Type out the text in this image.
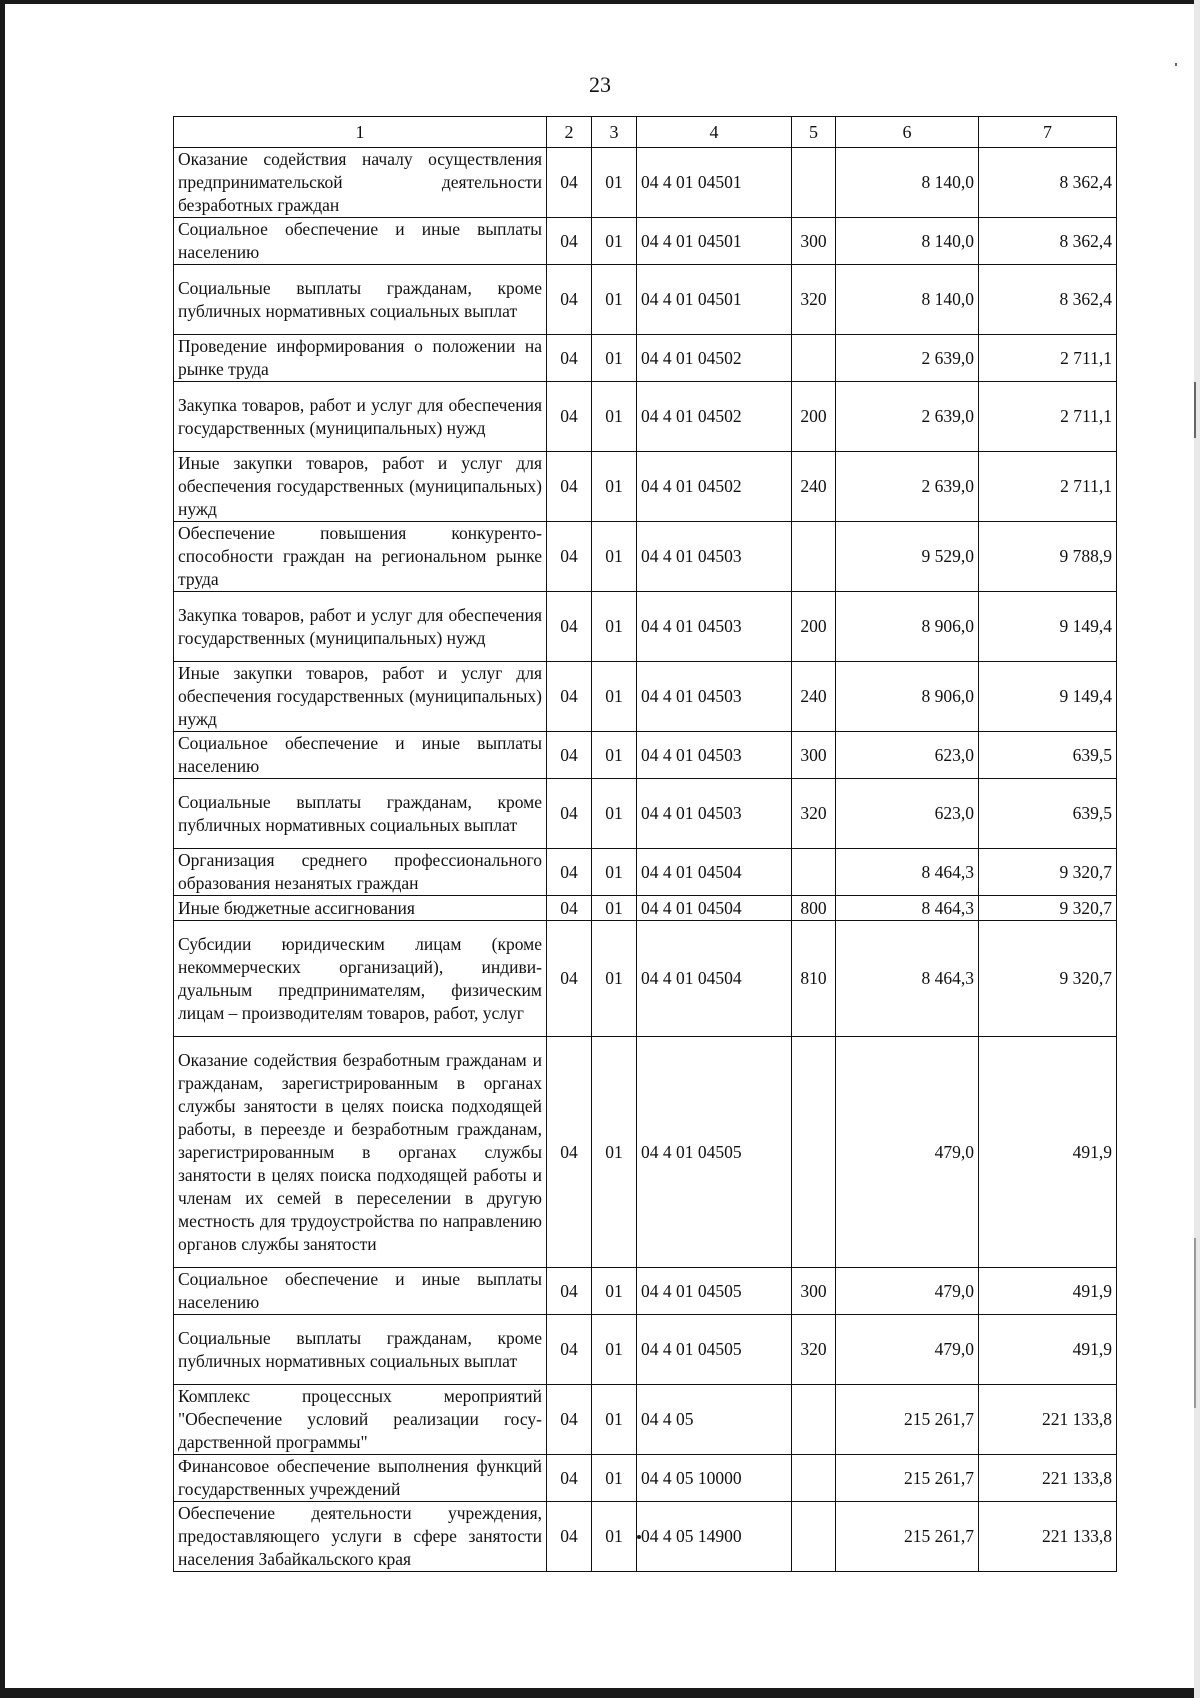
23
1	2	3	4	5	6	7
Оказание содействия началу осуществления предпринимательской деятельности безработных граждан	04	01	04 4 01 04501		8 140,0	8 362,4
Социальное обеспечение и иные выплаты населению	04	01	04 4 01 04501	300	8 140,0	8 362,4
Социальные выплаты гражданам, кроме публичных нормативных социальных выплат	04	01	04 4 01 04501	320	8 140,0	8 362,4
Проведение информирования о положении на рынке труда	04	01	04 4 01 04502		2 639,0	2 711,1
Закупка товаров, работ и услуг для обеспечения государственных (муниципальных) нужд	04	01	04 4 01 04502	200	2 639,0	2 711,1
Иные закупки товаров, работ и услуг для обеспечения государственных (муниципальных) нужд	04	01	04 4 01 04502	240	2 639,0	2 711,1
Обеспечение повышения конкурентоспособности граждан на региональном рынке труда	04	01	04 4 01 04503		9 529,0	9 788,9
Закупка товаров, работ и услуг для обеспечения государственных (муниципальных) нужд	04	01	04 4 01 04503	200	8 906,0	9 149,4
Иные закупки товаров, работ и услуг для обеспечения государственных (муниципальных) нужд	04	01	04 4 01 04503	240	8 906,0	9 149,4
Социальное обеспечение и иные выплаты населению	04	01	04 4 01 04503	300	623,0	639,5
Социальные выплаты гражданам, кроме публичных нормативных социальных выплат	04	01	04 4 01 04503	320	623,0	639,5
Организация среднего профессионального образования незанятых граждан	04	01	04 4 01 04504		8 464,3	9 320,7
Иные бюджетные ассигнования	04	01	04 4 01 04504	800	8 464,3	9 320,7
Субсидии юридическим лицам (кроме некоммерческих организаций), индивидуальным предпринимателям, физическим лицам – производителям товаров, работ, услуг	04	01	04 4 01 04504	810	8 464,3	9 320,7
Оказание содействия безработным гражданам и гражданам, зарегистрированным в органах службы занятости в целях поиска подходящей работы, в переезде и безработным гражданам, зарегистрированным в органах службы занятости в целях поиска подходящей работы и членам их семей в переселении в другую местность для трудоустройства по направлению органов службы занятости	04	01	04 4 01 04505		479,0	491,9
Социальное обеспечение и иные выплаты населению	04	01	04 4 01 04505	300	479,0	491,9
Социальные выплаты гражданам, кроме публичных нормативных социальных выплат	04	01	04 4 01 04505	320	479,0	491,9
Комплекс процессных мероприятий "Обеспечение условий реализации государственной программы"	04	01	04 4 05		215 261,7	221 133,8
Финансовое обеспечение выполнения функций государственных учреждений	04	01	04 4 05 10000		215 261,7	221 133,8
Обеспечение деятельности учреждения, предоставляющего услуги в сфере занятости населения Забайкальского края	04	01	04 4 05 14900		215 261,7	221 133,8
